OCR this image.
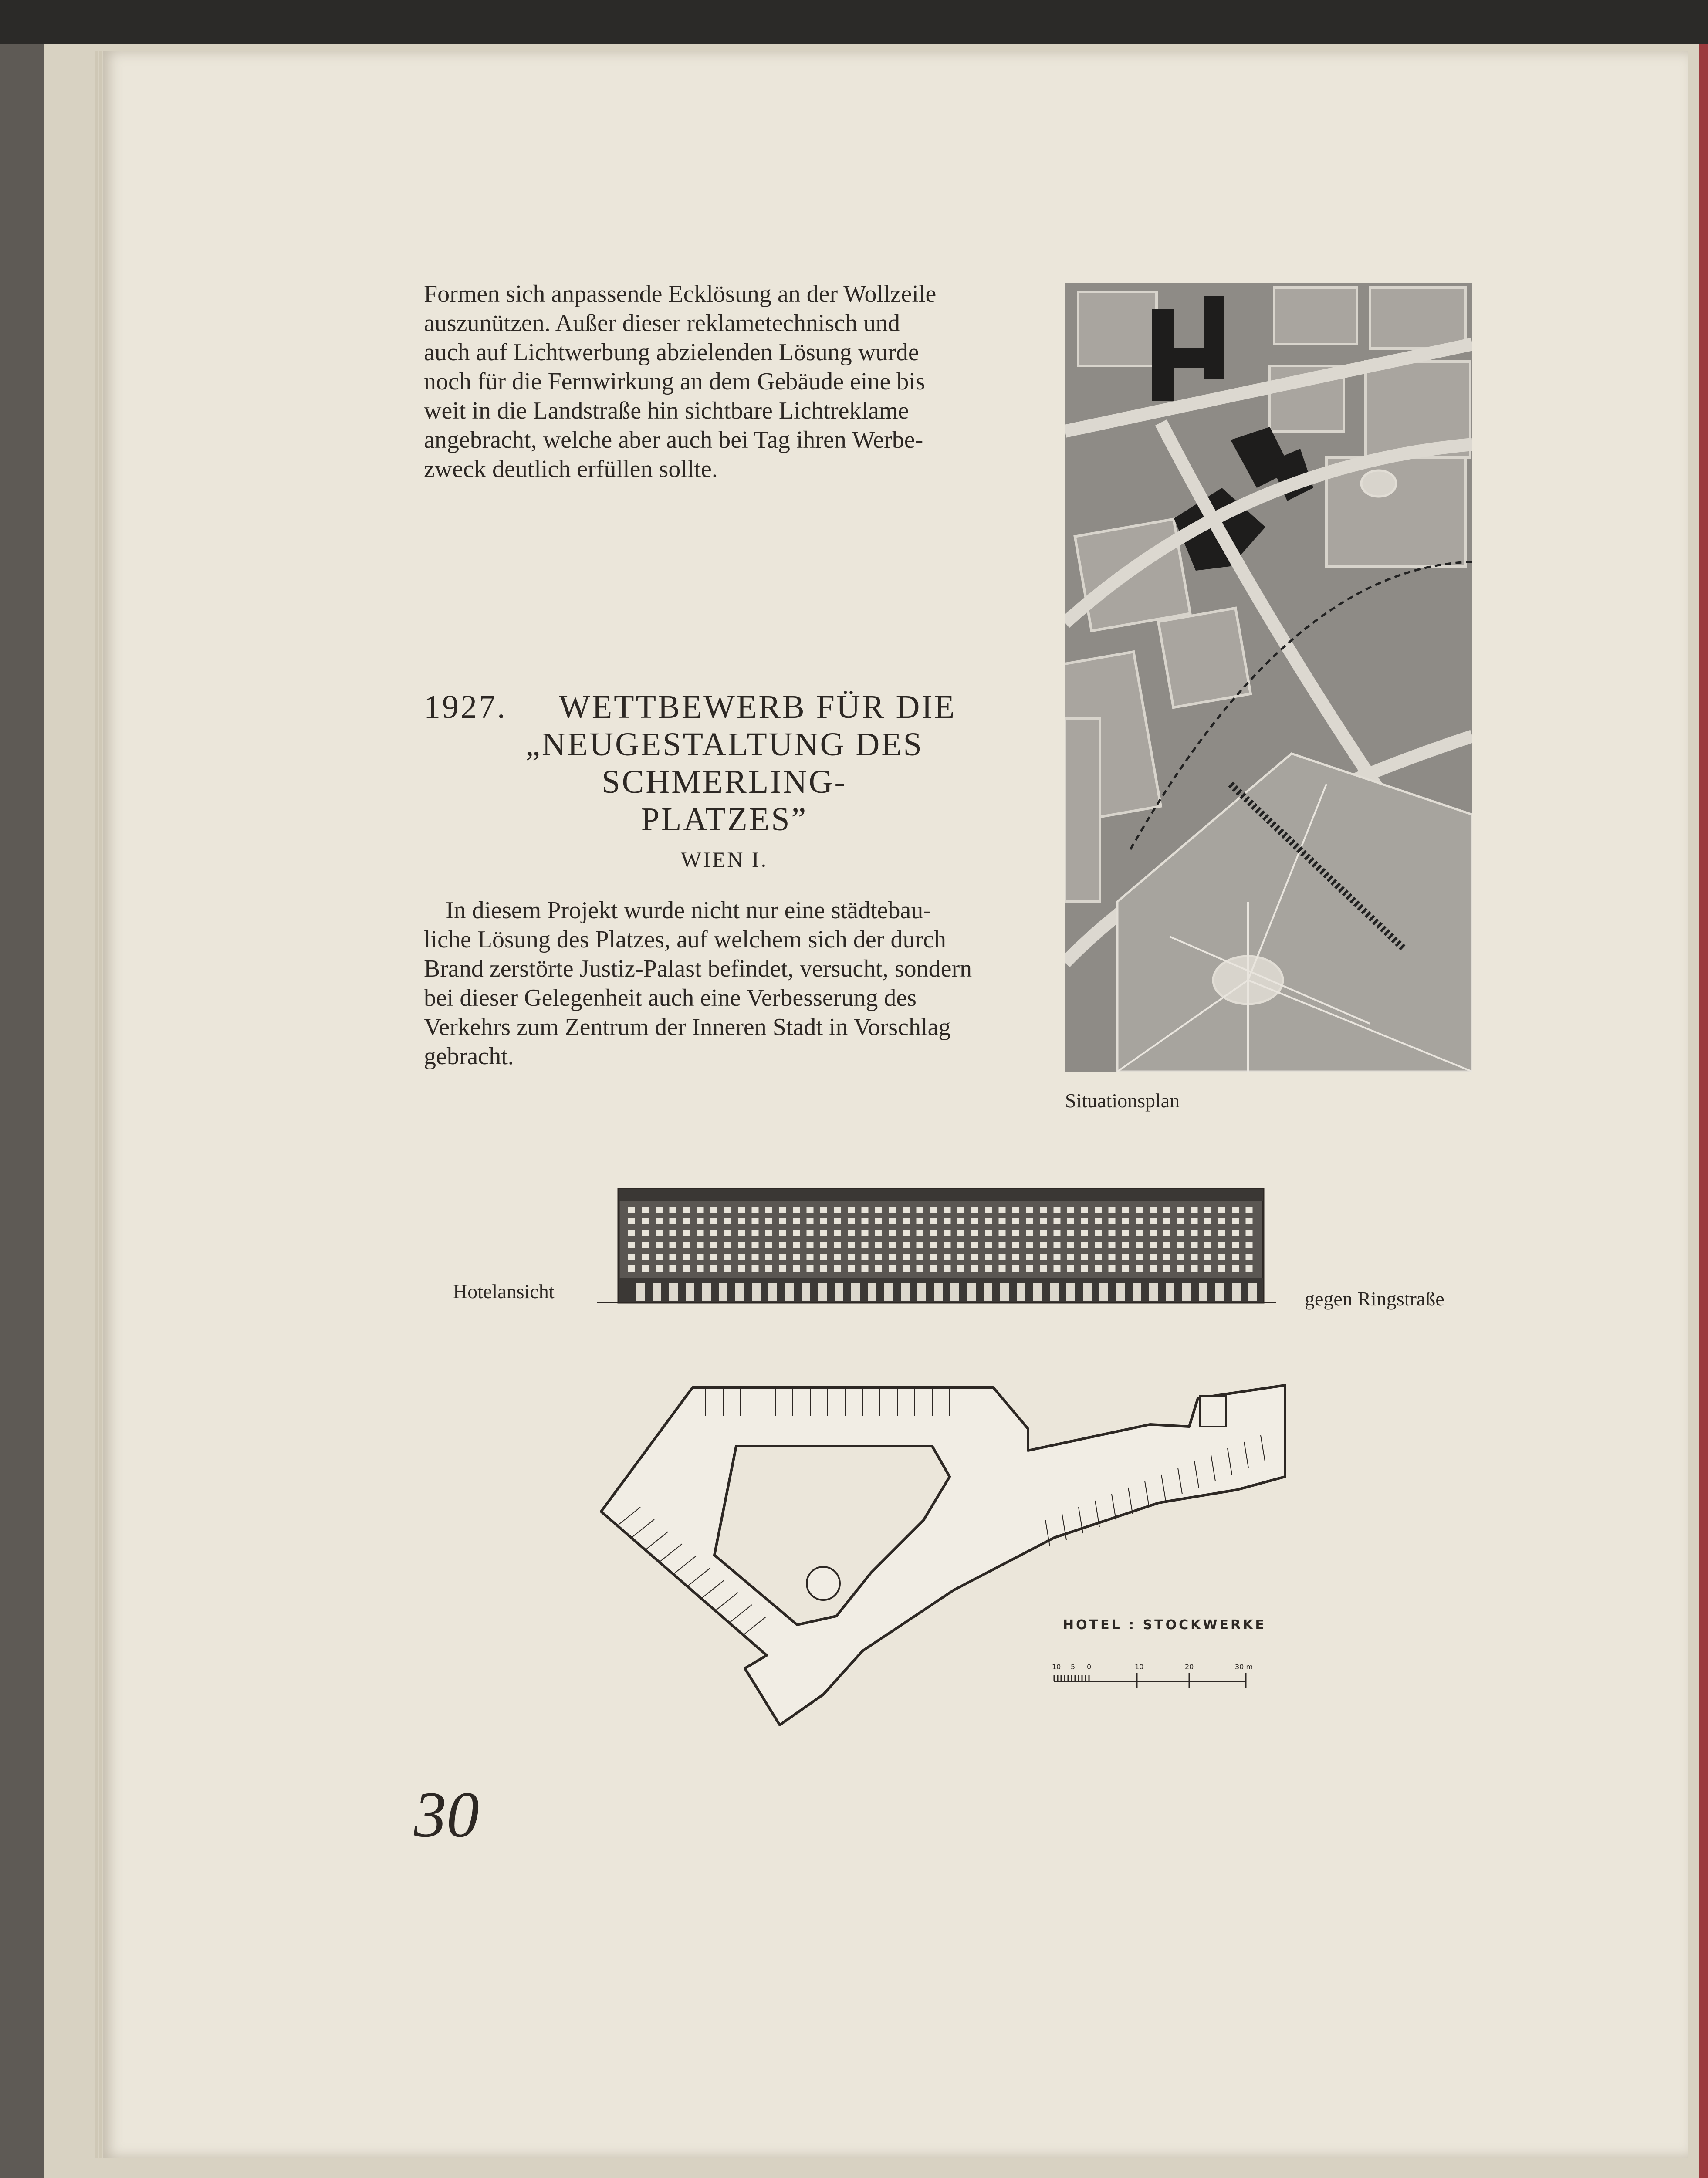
Formen sich anpassende Ecklösung an der Wollzeile
auszunützen. Außer dieser reklametechnisch und
auch auf Lichtwerbung abzielenden Lösung wurde
noch für die Fernwirkung an dem Gebäude eine bis
weit in die Landstraße hin sichtbare Lichtreklame
angebracht, welche aber auch bei Tag ihren Werbe-
zweck deutlich erfüllen sollte.
1927. WETTBEWERB FÜR DIE
„NEUGESTALTUNG DES SCHMERLING-
PLATZES”
WIEN I.
In diesem Projekt wurde nicht nur eine städtebau-
liche Lösung des Platzes, auf welchem sich der durch
Brand zerstörte Justiz-Palast befindet, versucht, sondern
bei dieser Gelegenheit auch eine Verbesserung des
Verkehrs zum Zentrum der Inneren Stadt in Vorschlag
gebracht.
Situationsplan
Hotelansicht	gegen Ringstraße
HOTEL : STOCKWERKE
10 5 0	10	20	30 m
30
